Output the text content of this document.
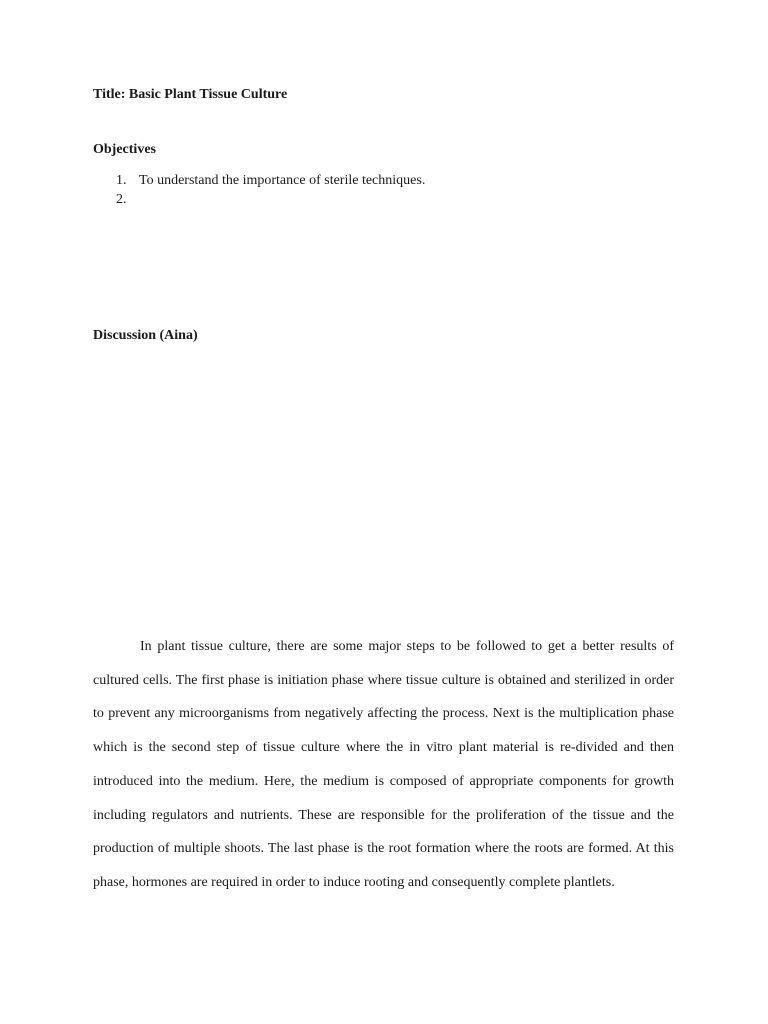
Title: Basic Plant Tissue Culture
Objectives
1. To understand the importance of sterile techniques.
2.
Discussion (Aina)

In plant tissue culture, there are some major steps to be followed to get a better results of cultured cells. The first phase is initiation phase where tissue culture is obtained and sterilized in order to prevent any microorganisms from negatively affecting the process. Next is the multiplication phase which is the second step of tissue culture where the in vitro plant material is re-divided and then introduced into the medium. Here, the medium is composed of appropriate components for growth including regulators and nutrients. These are responsible for the proliferation of the tissue and the production of multiple shoots. The last phase is the root formation where the roots are formed. At this phase, hormones are required in order to induce rooting and consequently complete plantlets.
